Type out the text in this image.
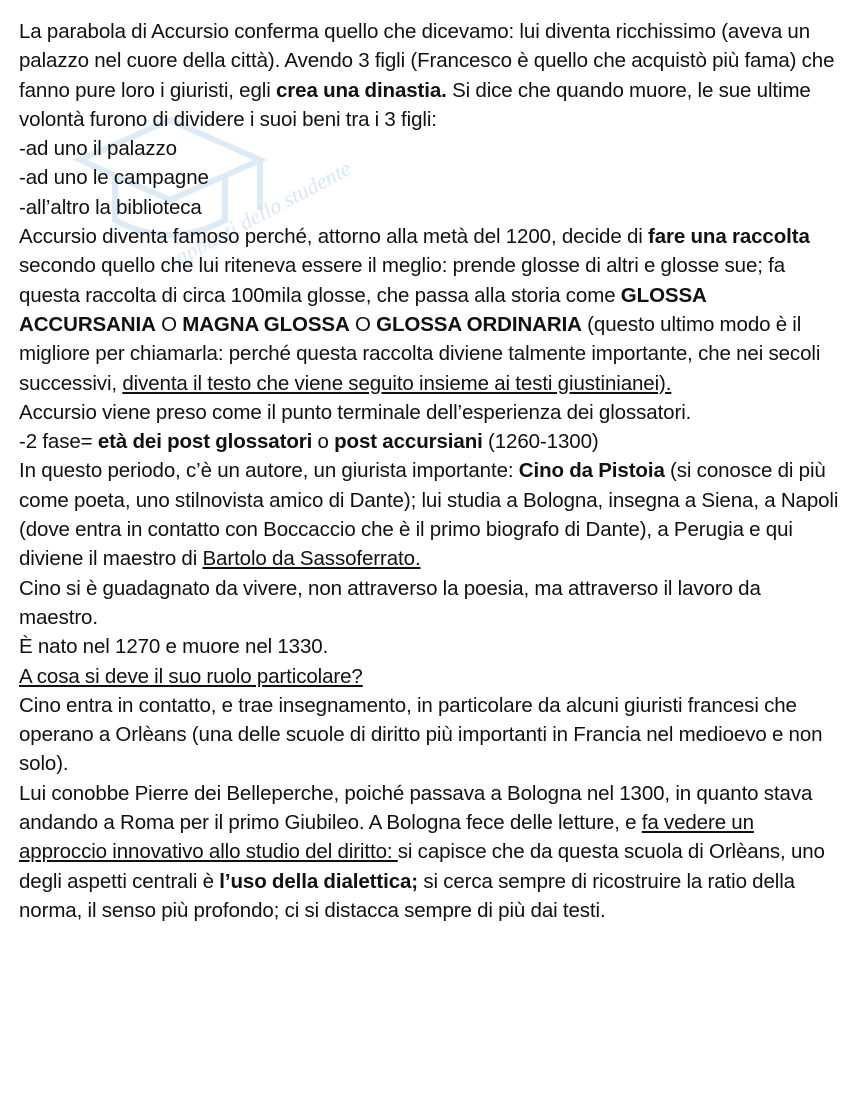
appunti dello studente

La parabola di Accursio conferma quello che dicevamo: lui diventa ricchissimo (aveva un palazzo nel cuore della città). Avendo 3 figli (Francesco è quello che acquistò più fama) che fanno pure loro i giuristi, egli crea una dinastia. Si dice che quando muore, le sue ultime volontà furono di dividere i suoi beni tra i 3 figli:

-ad uno il palazzo

-ad uno le campagne

-all’altro la biblioteca

Accursio diventa famoso perché, attorno alla metà del 1200, decide di fare una raccolta secondo quello che lui riteneva essere il meglio: prende glosse di altri e glosse sue; fa questa raccolta di circa 100mila glosse, che passa alla storia come GLOSSA ACCURSANIA O MAGNA GLOSSA O GLOSSA ORDINARIA (questo ultimo modo è il migliore per chiamarla: perché questa raccolta diviene talmente importante, che nei secoli successivi, diventa il testo che viene seguito insieme ai testi giustinianei).

Accursio viene preso come il punto terminale dell’esperienza dei glossatori.

-2 fase= età dei post glossatori o post accursiani (1260-1300)

In questo periodo, c’è un autore, un giurista importante: Cino da Pistoia (si conosce di più come poeta, uno stilnovista amico di Dante); lui studia a Bologna, insegna a Siena, a Napoli (dove entra in contatto con Boccaccio che è il primo biografo di Dante), a Perugia e qui diviene il maestro di Bartolo da Sassoferrato.

Cino si è guadagnato da vivere, non attraverso la poesia, ma attraverso il lavoro da maestro.

È nato nel 1270 e muore nel 1330.

A cosa si deve il suo ruolo particolare?

Cino entra in contatto, e trae insegnamento, in particolare da alcuni giuristi francesi che operano a Orlèans (una delle scuole di diritto più importanti in Francia nel medioevo e non solo).

Lui conobbe Pierre dei Belleperche, poiché passava a Bologna nel 1300, in quanto stava andando a Roma per il primo Giubileo. A Bologna fece delle letture, e fa vedere un approccio innovativo allo studio del diritto: si capisce che da questa scuola di Orlèans, uno degli aspetti centrali è l’uso della dialettica; si cerca sempre di ricostruire la ratio della norma, il senso più profondo; ci si distacca sempre di più dai testi.
